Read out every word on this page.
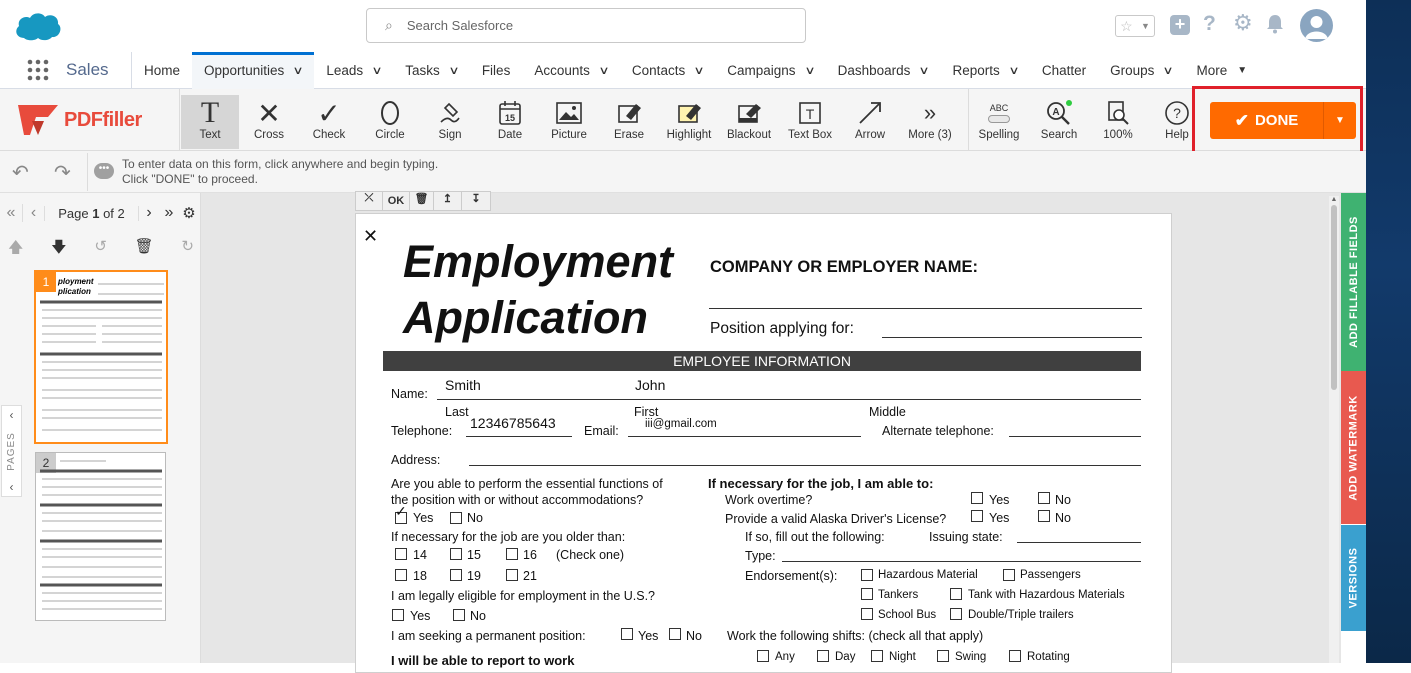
⌕ Search Salesforce	☆ ▼ + ? ⚙
Sales	Home Opportunities ∨ Leads ∨ Tasks ∨ Files Accounts ∨ Contacts ∨ Campaigns ∨ Dashboards ∨ Reports ∨ Chatter Groups ∨ More ▼
PDFfiller T
Text
✕
Cross
✓
Check	Circle	Sign
15
Date	Picture Erase Highlight Blackout
T
Text Box Arrow
»
More (3)
ABC
Spelling
A
Search 100%
?
Help
✔ DONE	▼
↶ ↷	•••	To enter data on this form, click anywhere and begin typing.
Click "DONE" to proceed.
« ‹	Page 1 of 2	› » ⚙
🡅 🡇 ↺ 🗑 ↻
‹
PAGES
‹
1	ployment
plication
2
⤫	OK 🗑	↥	↧
✕ Employment
Application
COMPANY OR EMPLOYER NAME:
Position applying for:
EMPLOYEE INFORMATION
Name:
Smith	John
Last	First	Middle
Telephone: 12346785643 Email: iii@gmail.com	Alternate telephone:
Address:
Are you able to perform the essential functions of
the position with or without accommodations?
✓ Yes	No
If necessary for the job are you older than:
14	15	16 (Check one)
18	19	21
I am legally eligible for employment in the U.S.?
Yes	No
I am seeking a permanent position:	Yes No
I will be able to report to work
If necessary for the job, I am able to:
Work overtime?	Yes	No
Provide a valid Alaska Driver's License?	Yes	No
If so, fill out the following:	Issuing state:
Type:
Endorsement(s):	Hazardous Material	Passengers
Tankers	Tank with Hazardous Materials
School Bus	Double/Triple trailers
Work the following shifts: (check all that apply)
Any	Day	Night	Swing	Rotating
▲
ADD FILLABLE FIELDS
ADD WATERMARK
VERSIONS
